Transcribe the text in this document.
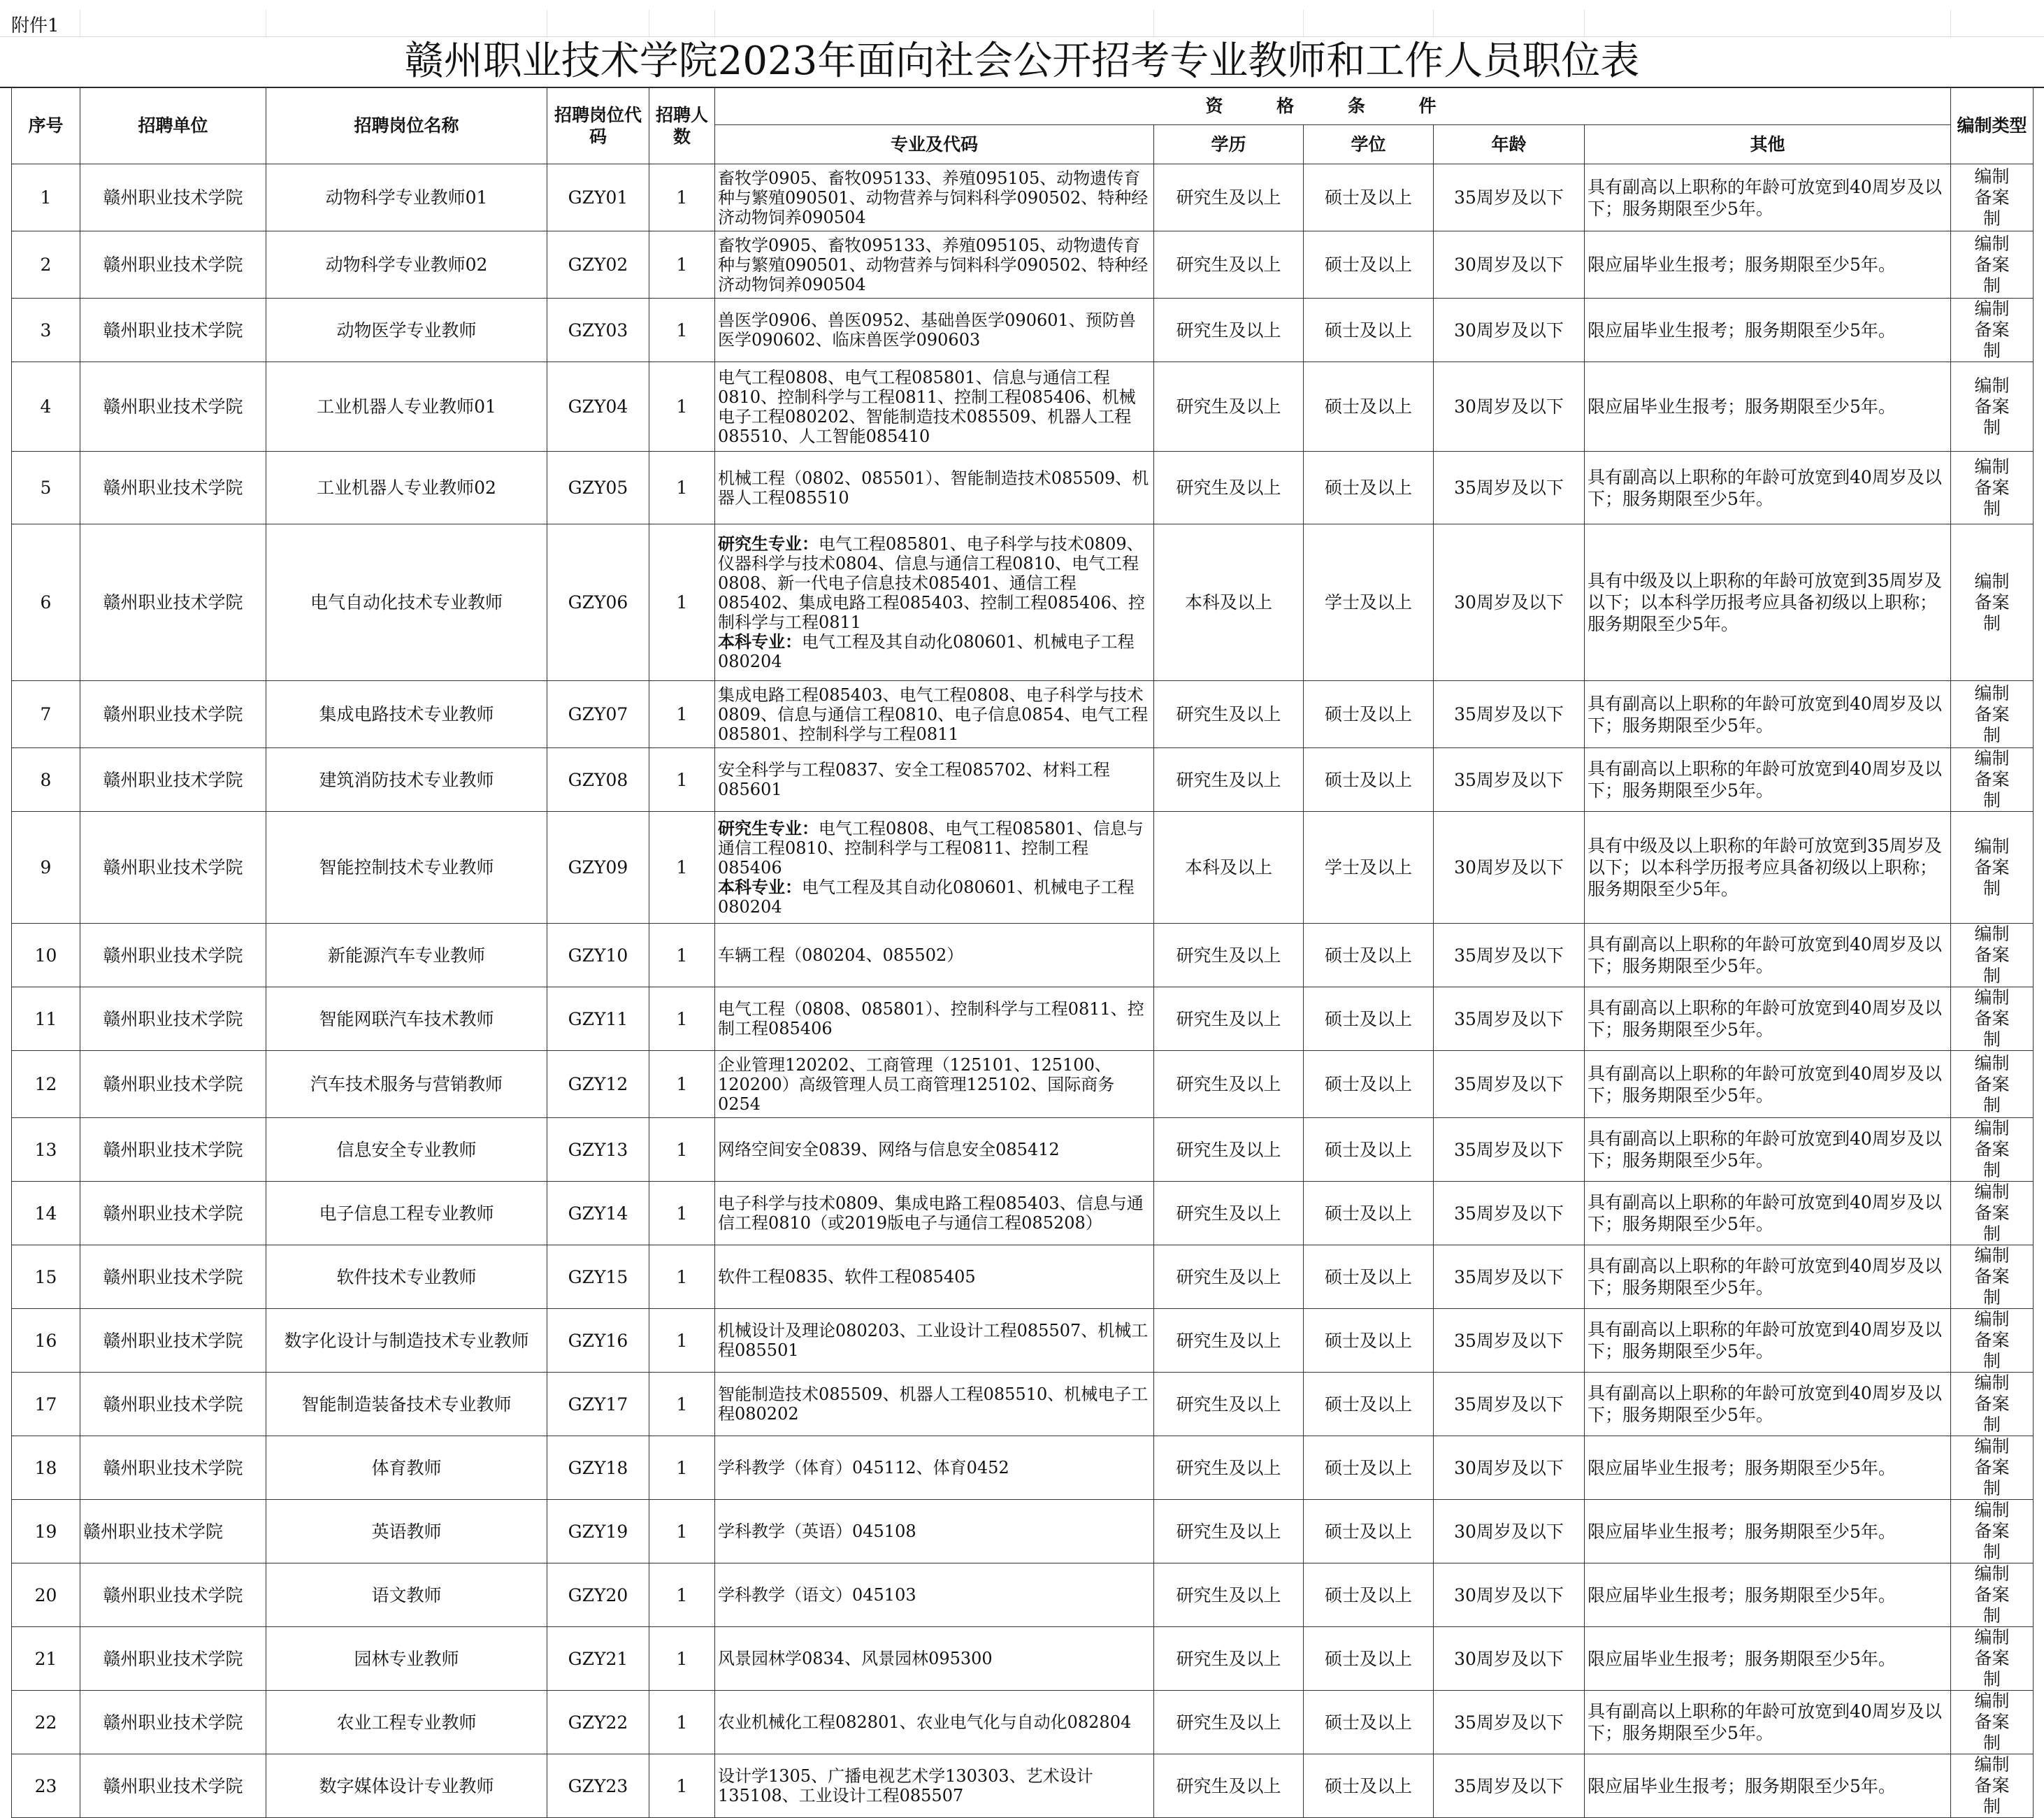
附件1
赣州职业技术学院2023年面向社会公开招考专业教师和工作人员职位表
序号	招聘单位	招聘岗位名称	招聘岗位代码	招聘人数	资 格 条 件					编制类型
					专业及代码	学历	学位	年龄	其他	
1	赣州职业技术学院	动物科学专业教师01	GZY01	1	畜牧学0905、畜牧095133、养殖095105、动物遗传育种与繁殖090501、动物营养与饲料科学090502、特种经济动物饲养090504	研究生及以上	硕士及以上	35周岁及以下	具有副高以上职称的年龄可放宽到40周岁及以下；服务期限至少5年。	编制备案制
2	赣州职业技术学院	动物科学专业教师02	GZY02	1	畜牧学0905、畜牧095133、养殖095105、动物遗传育种与繁殖090501、动物营养与饲料科学090502、特种经济动物饲养090504	研究生及以上	硕士及以上	30周岁及以下	限应届毕业生报考；服务期限至少5年。	编制备案制
3	赣州职业技术学院	动物医学专业教师	GZY03	1	兽医学0906、兽医0952、基础兽医学090601、预防兽医学090602、临床兽医学090603	研究生及以上	硕士及以上	30周岁及以下	限应届毕业生报考；服务期限至少5年。	编制备案制
4	赣州职业技术学院	工业机器人专业教师01	GZY04	1	电气工程0808、电气工程085801、信息与通信工程0810、控制科学与工程0811、控制工程085406、机械电子工程080202、智能制造技术085509、机器人工程085510、人工智能085410	研究生及以上	硕士及以上	30周岁及以下	限应届毕业生报考；服务期限至少5年。	编制备案制
5	赣州职业技术学院	工业机器人专业教师02	GZY05	1	机械工程（0802、085501）、智能制造技术085509、机器人工程085510	研究生及以上	硕士及以上	35周岁及以下	具有副高以上职称的年龄可放宽到40周岁及以下；服务期限至少5年。	编制备案制
6	赣州职业技术学院	电气自动化技术专业教师	GZY06	1	研究生专业：电气工程085801、电子科学与技术0809、仪器科学与技术0804、信息与通信工程0810、电气工程0808、新一代电子信息技术085401、通信工程085402、集成电路工程085403、控制工程085406、控制科学与工程0811
本科专业：电气工程及其自动化080601、机械电子工程080204	本科及以上	学士及以上	30周岁及以下	具有中级及以上职称的年龄可放宽到35周岁及以下；以本科学历报考应具备初级以上职称；服务期限至少5年。	编制备案制
7	赣州职业技术学院	集成电路技术专业教师	GZY07	1	集成电路工程085403、电气工程0808、电子科学与技术0809、信息与通信工程0810、电子信息0854、电气工程085801、控制科学与工程0811	研究生及以上	硕士及以上	35周岁及以下	具有副高以上职称的年龄可放宽到40周岁及以下；服务期限至少5年。	编制备案制
8	赣州职业技术学院	建筑消防技术专业教师	GZY08	1	安全科学与工程0837、安全工程085702、材料工程085601	研究生及以上	硕士及以上	35周岁及以下	具有副高以上职称的年龄可放宽到40周岁及以下；服务期限至少5年。	编制备案制
9	赣州职业技术学院	智能控制技术专业教师	GZY09	1	研究生专业：电气工程0808、电气工程085801、信息与通信工程0810、控制科学与工程0811、控制工程085406
本科专业：电气工程及其自动化080601、机械电子工程080204	本科及以上	学士及以上	30周岁及以下	具有中级及以上职称的年龄可放宽到35周岁及以下；以本科学历报考应具备初级以上职称；服务期限至少5年。	编制备案制
10	赣州职业技术学院	新能源汽车专业教师	GZY10	1	车辆工程（080204、085502）	研究生及以上	硕士及以上	35周岁及以下	具有副高以上职称的年龄可放宽到40周岁及以下；服务期限至少5年。	编制备案制
11	赣州职业技术学院	智能网联汽车技术教师	GZY11	1	电气工程（0808、085801）、控制科学与工程0811、控制工程085406	研究生及以上	硕士及以上	35周岁及以下	具有副高以上职称的年龄可放宽到40周岁及以下；服务期限至少5年。	编制备案制
12	赣州职业技术学院	汽车技术服务与营销教师	GZY12	1	企业管理120202、工商管理（125101、125100、120200）高级管理人员工商管理125102、国际商务0254	研究生及以上	硕士及以上	35周岁及以下	具有副高以上职称的年龄可放宽到40周岁及以下；服务期限至少5年。	编制备案制
13	赣州职业技术学院	信息安全专业教师	GZY13	1	网络空间安全0839、网络与信息安全085412	研究生及以上	硕士及以上	35周岁及以下	具有副高以上职称的年龄可放宽到40周岁及以下；服务期限至少5年。	编制备案制
14	赣州职业技术学院	电子信息工程专业教师	GZY14	1	电子科学与技术0809、集成电路工程085403、信息与通信工程0810（或2019版电子与通信工程085208）	研究生及以上	硕士及以上	35周岁及以下	具有副高以上职称的年龄可放宽到40周岁及以下；服务期限至少5年。	编制备案制
15	赣州职业技术学院	软件技术专业教师	GZY15	1	软件工程0835、软件工程085405	研究生及以上	硕士及以上	35周岁及以下	具有副高以上职称的年龄可放宽到40周岁及以下；服务期限至少5年。	编制备案制
16	赣州职业技术学院	数字化设计与制造技术专业教师	GZY16	1	机械设计及理论080203、工业设计工程085507、机械工程085501	研究生及以上	硕士及以上	35周岁及以下	具有副高以上职称的年龄可放宽到40周岁及以下；服务期限至少5年。	编制备案制
17	赣州职业技术学院	智能制造装备技术专业教师	GZY17	1	智能制造技术085509、机器人工程085510、机械电子工程080202	研究生及以上	硕士及以上	35周岁及以下	具有副高以上职称的年龄可放宽到40周岁及以下；服务期限至少5年。	编制备案制
18	赣州职业技术学院	体育教师	GZY18	1	学科教学（体育）045112、体育0452	研究生及以上	硕士及以上	30周岁及以下	限应届毕业生报考；服务期限至少5年。	编制备案制
19	赣州职业技术学院	英语教师	GZY19	1	学科教学（英语）045108	研究生及以上	硕士及以上	30周岁及以下	限应届毕业生报考；服务期限至少5年。	编制备案制
20	赣州职业技术学院	语文教师	GZY20	1	学科教学（语文）045103	研究生及以上	硕士及以上	30周岁及以下	限应届毕业生报考；服务期限至少5年。	编制备案制
21	赣州职业技术学院	园林专业教师	GZY21	1	风景园林学0834、风景园林095300	研究生及以上	硕士及以上	30周岁及以下	限应届毕业生报考；服务期限至少5年。	编制备案制
22	赣州职业技术学院	农业工程专业教师	GZY22	1	农业机械化工程082801、农业电气化与自动化082804	研究生及以上	硕士及以上	35周岁及以下	具有副高以上职称的年龄可放宽到40周岁及以下；服务期限至少5年。	编制备案制
23	赣州职业技术学院	数字媒体设计专业教师	GZY23	1	设计学1305、广播电视艺术学130303、艺术设计135108、工业设计工程085507	研究生及以上	硕士及以上	35周岁及以下	限应届毕业生报考；服务期限至少5年。	编制备案制
